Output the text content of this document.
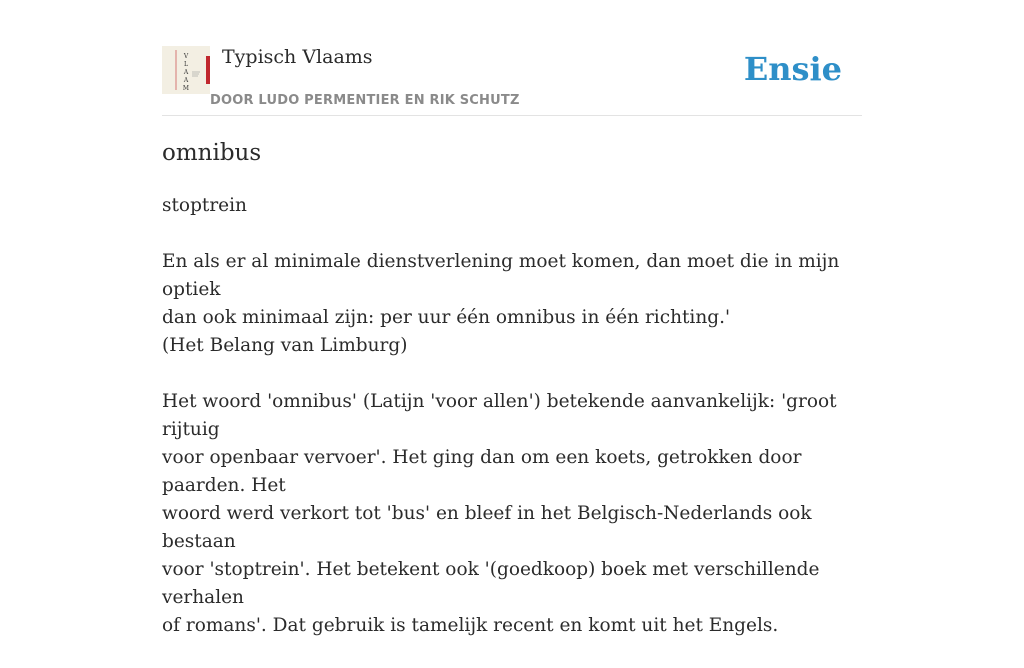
V
L
A
A
M
Typisch Vlaams
DOOR LUDO PERMENTIER EN RIK SCHUTZ
Ensie
omnibus

stoptrein

En als er al minimale dienstverlening moet komen, dan moet die in mijn optiek
dan ook minimaal zijn: per uur één omnibus in één richting.'
(Het Belang van Limburg)

Het woord 'omnibus' (Latijn 'voor allen') betekende aanvankelijk: 'groot rijtuig
voor openbaar vervoer'. Het ging dan om een koets, getrokken door paarden. Het
woord werd verkort tot 'bus' en bleef in het Belgisch-Nederlands ook bestaan
voor 'stoptrein'. Het betekent ook '(goedkoop) boek met verschillende verhalen
of romans'. Dat gebruik is tamelijk recent en komt uit het Engels.
